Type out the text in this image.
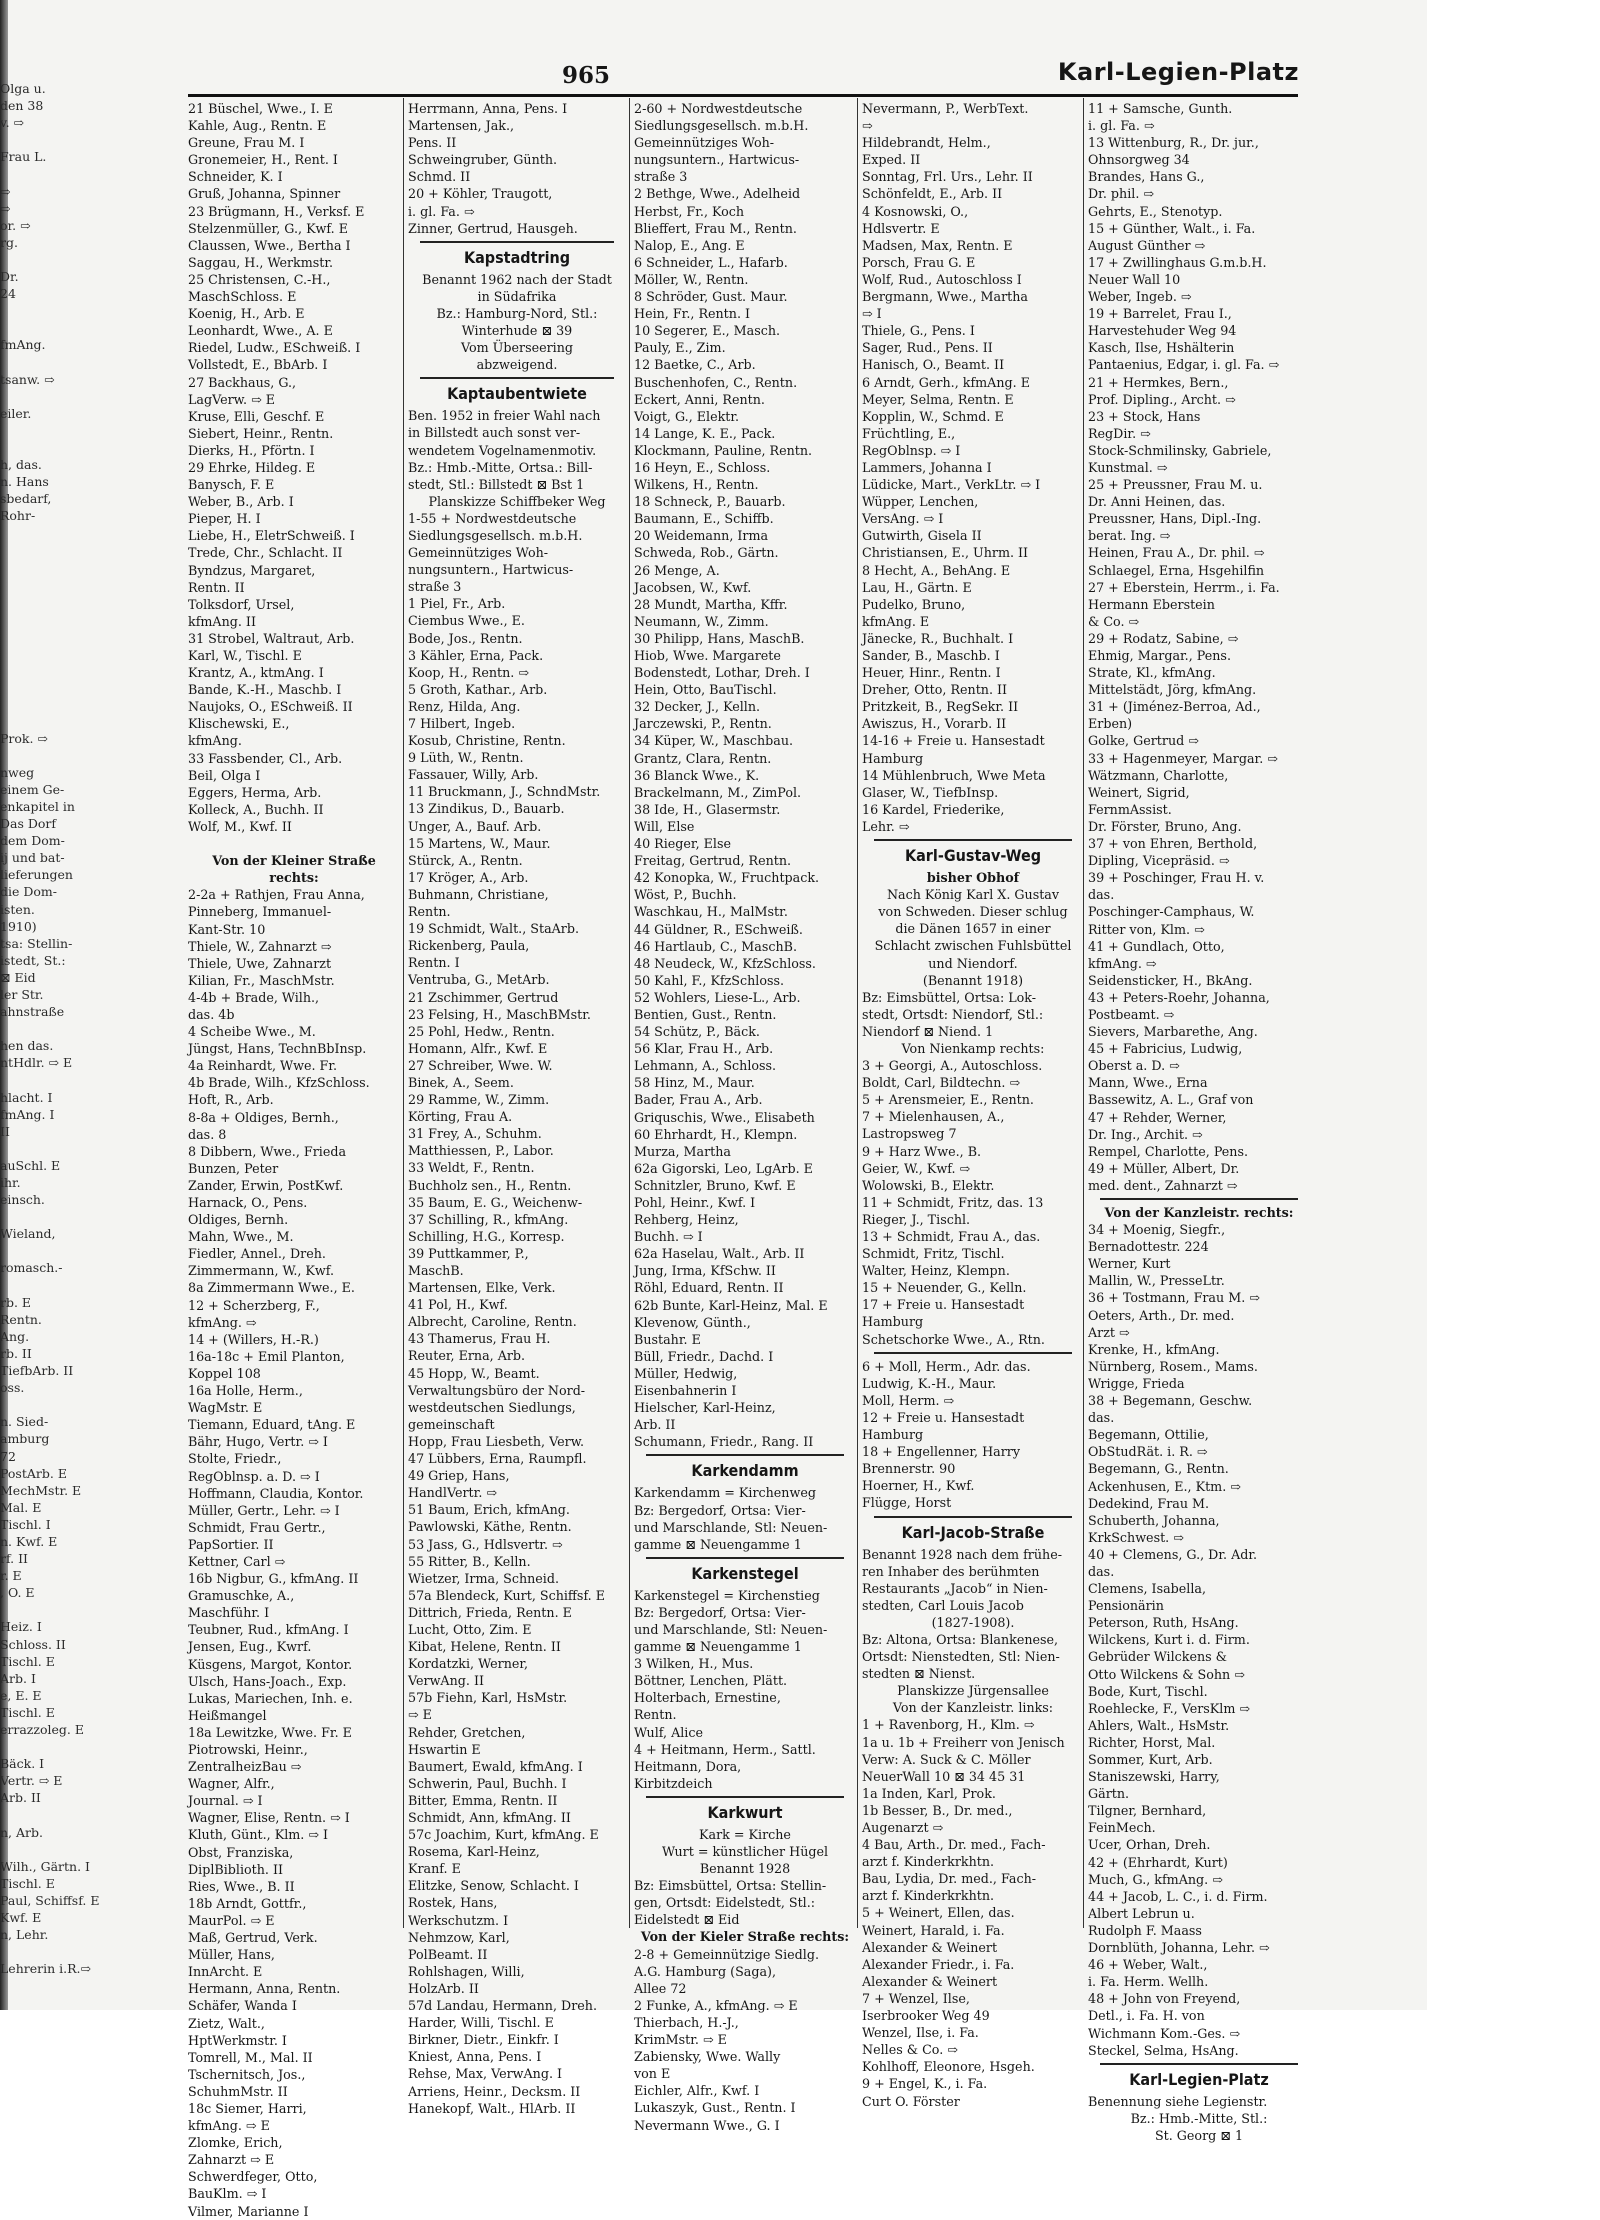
Olga u.
den 38
v. ⇨

Frau L.

⇨
⇨
or. ⇨
rg.

Dr.
24

fmAng.

tsanw. ⇨

eiler.

h, das.
n. Hans
sbedarf,
Rohr-

Prok. ⇨

nweg
einem Ge-
enkapitel in
Das Dorf
dem Dom-
ij und bat-
lieferungen
die Dom-
isten.
1910)
tsa: Stellin-
istedt, St.:
⊠ Eid
ler Str.
ahnstraße

hen das.
ntHdlr. ⇨ E

hlacht. I
fmAng. I
II

auSchl. E
ihr.
einsch.

Wieland,

romasch.-

rb. E
Rentn.
Ang.
rb. II
TiefbArb. II
oss.

n. Sied-
amburg
72
PostArb. E
MechMstr. E
Mal. E
Tischl. I
n. Kwf. E
rf. II
r. E
, O. E

Heiz. I
Schloss. II
Tischl. E
Arb. I
e, E. E
Tischl. E
errazzoleg. E

Bäck. I
Vertr. ⇨ E
Arb. II

n, Arb.

Wilh., Gärtn. I
Tischl. E
Paul, Schiffsf. E
Kwf. E
n, Lehr.

Lehrerin i.R.⇨
965	Karl-Legien-Platz
21 Büschel, Wwe., I. E
Kahle, Aug., Rentn. E
Greune, Frau M. I
Gronemeier, H., Rent. I
Schneider, K. I
Gruß, Johanna, Spinner
23 Brügmann, H., Verksf. E
Stelzenmüller, G., Kwf. E
Claussen, Wwe., Bertha I
Saggau, H., Werkmstr.
25 Christensen, C.-H.,
MaschSchloss. E
Koenig, H., Arb. E
Leonhardt, Wwe., A. E
Riedel, Ludw., ESchweiß. I
Vollstedt, E., BbArb. I
27 Backhaus, G.,
LagVerw. ⇨ E
Kruse, Elli, Geschf. E
Siebert, Heinr., Rentn.
Dierks, H., Pförtn. I
29 Ehrke, Hildeg. E
Banysch, F. E
Weber, B., Arb. I
Pieper, H. I
Liebe, H., EletrSchweiß. I
Trede, Chr., Schlacht. II
Byndzus, Margaret,
Rentn. II
Tolksdorf, Ursel,
kfmAng. II
31 Strobel, Waltraut, Arb.
Karl, W., Tischl. E
Krantz, A., ktmAng. I
Bande, K.-H., Maschb. I
Naujoks, O., ESchweiß. II
Klischewski, E.,
kfmAng.
33 Fassbender, Cl., Arb.
Beil, Olga I
Eggers, Herma, Arb.
Kolleck, A., Buchh. II
Wolf, M., Kwf. II

Von der Kleiner Straße
rechts:
2-2a + Rathjen, Frau Anna,
Pinneberg, Immanuel-
Kant-Str. 10
Thiele, W., Zahnarzt ⇨
Thiele, Uwe, Zahnarzt
Kilian, Fr., MaschMstr.
4-4b + Brade, Wilh.,
das. 4b
4 Scheibe Wwe., M.
Jüngst, Hans, TechnBbInsp.
4a Reinhardt, Wwe. Fr.
4b Brade, Wilh., KfzSchloss.
Hoft, R., Arb.
8-8a + Oldiges, Bernh.,
das. 8
8 Dibbern, Wwe., Frieda
Bunzen, Peter
Zander, Erwin, PostKwf.
Harnack, O., Pens.
Oldiges, Bernh.
Mahn, Wwe., M.
Fiedler, Annel., Dreh.
Zimmermann, W., Kwf.
8a Zimmermann Wwe., E.
12 + Scherzberg, F.,
kfmAng. ⇨
14 + (Willers, H.-R.)
16a-18c + Emil Planton,
Koppel 108
16a Holle, Herm.,
WagMstr. E
Tiemann, Eduard, tAng. E
Bähr, Hugo, Vertr. ⇨ I
Stolte, Friedr.,
RegOblnsp. a. D. ⇨ I
Hoffmann, Claudia, Kontor.
Müller, Gertr., Lehr. ⇨ I
Schmidt, Frau Gertr.,
PapSortier. II
Kettner, Carl ⇨
16b Nigbur, G., kfmAng. II
Gramuschke, A.,
Maschführ. I
Teubner, Rud., kfmAng. I
Jensen, Eug., Kwrf.
Küsgens, Margot, Kontor.
Ulsch, Hans-Joach., Exp.
Lukas, Mariechen, Inh. e.
Heißmangel
18a Lewitzke, Wwe. Fr. E
Piotrowski, Heinr.,
ZentralheizBau ⇨
Wagner, Alfr.,
Journal. ⇨ I
Wagner, Elise, Rentn. ⇨ I
Kluth, Günt., Klm. ⇨ I
Obst, Franziska,
DiplBiblioth. II
Ries, Wwe., B. II
18b Arndt, Gottfr.,
MaurPol. ⇨ E
Maß, Gertrud, Verk.
Müller, Hans,
InnArcht. E
Hermann, Anna, Rentn.
Schäfer, Wanda I
Zietz, Walt.,
HptWerkmstr. I
Tomrell, M., Mal. II
Tschernitsch, Jos.,
SchuhmMstr. II
18c Siemer, Harri,
kfmAng. ⇨ E
Zlomke, Erich,
Zahnarzt ⇨ E
Schwerdfeger, Otto,
BauKlm. ⇨ I
Vilmer, Marianne I
Herrmann, Anna, Pens. I
Martensen, Jak.,
Pens. II
Schweingruber, Günth.
Schmd. II
20 + Köhler, Traugott,
i. gl. Fa. ⇨
Zinner, Gertrud, Hausgeh.
Kapstadtring
Benannt 1962 nach der Stadt
in Südafrika
Bz.: Hamburg-Nord, Stl.:
Winterhude ⊠ 39
Vom Überseering
abzweigend.
Kaptaubentwiete
Ben. 1952 in freier Wahl nach
in Billstedt auch sonst ver-
wendetem Vogelnamenmotiv.
Bz.: Hmb.-Mitte, Ortsa.: Bill-
stedt, Stl.: Billstedt ⊠ Bst 1
Planskizze Schiffbeker Weg
1-55 + Nordwestdeutsche
Siedlungsgesellsch. m.b.H.
Gemeinnütziges Woh-
nungsuntern., Hartwicus-
straße 3
1 Piel, Fr., Arb.
Ciembus Wwe., E.
Bode, Jos., Rentn.
3 Kähler, Erna, Pack.
Koop, H., Rentn. ⇨
5 Groth, Kathar., Arb.
Renz, Hilda, Ang.
7 Hilbert, Ingeb.
Kosub, Christine, Rentn.
9 Lüth, W., Rentn.
Fassauer, Willy, Arb.
11 Bruckmann, J., SchndMstr.
13 Zindikus, D., Bauarb.
Unger, A., Bauf. Arb.
15 Martens, W., Maur.
Stürck, A., Rentn.
17 Kröger, A., Arb.
Buhmann, Christiane,
Rentn.
19 Schmidt, Walt., StaArb.
Rickenberg, Paula,
Rentn. I
Ventruba, G., MetArb.
21 Zschimmer, Gertrud
23 Felsing, H., MaschBMstr.
25 Pohl, Hedw., Rentn.
Homann, Alfr., Kwf. E
27 Schreiber, Wwe. W.
Binek, A., Seem.
29 Ramme, W., Zimm.
Körting, Frau A.
31 Frey, A., Schuhm.
Matthiessen, P., Labor.
33 Weldt, F., Rentn.
Buchholz sen., H., Rentn.
35 Baum, E. G., Weichenw-
37 Schilling, R., kfmAng.
Schilling, H.G., Korresp.
39 Puttkammer, P.,
MaschB.
Martensen, Elke, Verk.
41 Pol, H., Kwf.
Albrecht, Caroline, Rentn.
43 Thamerus, Frau H.
Reuter, Erna, Arb.
45 Hopp, W., Beamt.
Verwaltungsbüro der Nord-
westdeutschen Siedlungs,
gemeinschaft
Hopp, Frau Liesbeth, Verw.
47 Lübbers, Erna, Raumpfl.
49 Griep, Hans,
HandlVertr. ⇨
51 Baum, Erich, kfmAng.
Pawlowski, Käthe, Rentn.
53 Jass, G., Hdlsvertr. ⇨
55 Ritter, B., Kelln.
Wietzer, Irma, Schneid.
57a Blendeck, Kurt, Schiffsf. E
Dittrich, Frieda, Rentn. E
Lucht, Otto, Zim. E
Kibat, Helene, Rentn. II
Kordatzki, Werner,
VerwAng. II
57b Fiehn, Karl, HsMstr.
⇨ E
Rehder, Gretchen,
Hswartin E
Baumert, Ewald, kfmAng. I
Schwerin, Paul, Buchh. I
Bitter, Emma, Rentn. II
Schmidt, Ann, kfmAng. II
57c Joachim, Kurt, kfmAng. E
Rosema, Karl-Heinz,
Kranf. E
Elitzke, Senow, Schlacht. I
Rostek, Hans,
Werkschutzm. I
Nehmzow, Karl,
PolBeamt. II
Rohlshagen, Willi,
HolzArb. II
57d Landau, Hermann, Dreh.
Harder, Willi, Tischl. E
Birkner, Dietr., Einkfr. I
Kniest, Anna, Pens. I
Rehse, Max, VerwAng. I
Arriens, Heinr., Decksm. II
Hanekopf, Walt., HlArb. II
2-60 + Nordwestdeutsche
Siedlungsgesellsch. m.b.H.
Gemeinnütziges Woh-
nungsuntern., Hartwicus-
straße 3
2 Bethge, Wwe., Adelheid
Herbst, Fr., Koch
Blieffert, Frau M., Rentn.
Nalop, E., Ang. E
6 Schneider, L., Hafarb.
Möller, W., Rentn.
8 Schröder, Gust. Maur.
Hein, Fr., Rentn. I
10 Segerer, E., Masch.
Pauly, E., Zim.
12 Baetke, C., Arb.
Buschenhofen, C., Rentn.
Eckert, Anni, Rentn.
Voigt, G., Elektr.
14 Lange, K. E., Pack.
Klockmann, Pauline, Rentn.
16 Heyn, E., Schloss.
Wilkens, H., Rentn.
18 Schneck, P., Bauarb.
Baumann, E., Schiffb.
20 Weidemann, Irma
Schweda, Rob., Gärtn.
26 Menge, A.
Jacobsen, W., Kwf.
28 Mundt, Martha, Kffr.
Neumann, W., Zimm.
30 Philipp, Hans, MaschB.
Hiob, Wwe. Margarete
Bodenstedt, Lothar, Dreh. I
Hein, Otto, BauTischl.
32 Decker, J., Kelln.
Jarczewski, P., Rentn.
34 Küper, W., Maschbau.
Grantz, Clara, Rentn.
36 Blanck Wwe., K.
Brackelmann, M., ZimPol.
38 Ide, H., Glasermstr.
Will, Else
40 Rieger, Else
Freitag, Gertrud, Rentn.
42 Konopka, W., Fruchtpack.
Wöst, P., Buchh.
Waschkau, H., MalMstr.
44 Güldner, R., ESchweiß.
46 Hartlaub, C., MaschB.
48 Neudeck, W., KfzSchloss.
50 Kahl, F., KfzSchloss.
52 Wohlers, Liese-L., Arb.
Bentien, Gust., Rentn.
54 Schütz, P., Bäck.
56 Klar, Frau H., Arb.
Lehmann, A., Schloss.
58 Hinz, M., Maur.
Bader, Frau A., Arb.
Griquschis, Wwe., Elisabeth
60 Ehrhardt, H., Klempn.
Murza, Martha
62a Gigorski, Leo, LgArb. E
Schnitzler, Bruno, Kwf. E
Pohl, Heinr., Kwf. I
Rehberg, Heinz,
Buchh. ⇨ I
62a Haselau, Walt., Arb. II
Jung, Irma, KfSchw. II
Röhl, Eduard, Rentn. II
62b Bunte, Karl-Heinz, Mal. E
Klevenow, Günth.,
Bustahr. E
Büll, Friedr., Dachd. I
Müller, Hedwig,
Eisenbahnerin I
Hielscher, Karl-Heinz,
Arb. II
Schumann, Friedr., Rang. II
Karkendamm
Karkendamm = Kirchenweg
Bz: Bergedorf, Ortsa: Vier-
und Marschlande, Stl: Neuen-
gamme ⊠ Neuengamme 1
Karkenstegel
Karkenstegel = Kirchenstieg
Bz: Bergedorf, Ortsa: Vier-
und Marschlande, Stl: Neuen-
gamme ⊠ Neuengamme 1
3 Wilken, H., Mus.
Böttner, Lenchen, Plätt.
Holterbach, Ernestine,
Rentn.
Wulf, Alice
4 + Heitmann, Herm., Sattl.
Heitmann, Dora,
Kirbitzdeich
Karkwurt
Kark = Kirche
Wurt = künstlicher Hügel
Benannt 1928
Bz: Eimsbüttel, Ortsa: Stellin-
gen, Ortsdt: Eidelstedt, Stl.:
Eidelstedt ⊠ Eid
Von der Kieler Straße rechts:
2-8 + Gemeinnützige Siedlg.
A.G. Hamburg (Saga),
Allee 72
2 Funke, A., kfmAng. ⇨ E
Thierbach, H.-J.,
KrimMstr. ⇨ E
Zabiensky, Wwe. Wally
von E
Eichler, Alfr., Kwf. I
Lukaszyk, Gust., Rentn. I
Nevermann Wwe., G. I
Nevermann, P., WerbText.
⇨
Hildebrandt, Helm.,
Exped. II
Sonntag, Frl. Urs., Lehr. II
Schönfeldt, E., Arb. II
4 Kosnowski, O.,
Hdlsvertr. E
Madsen, Max, Rentn. E
Porsch, Frau G. E
Wolf, Rud., Autoschloss I
Bergmann, Wwe., Martha
⇨ I
Thiele, G., Pens. I
Sager, Rud., Pens. II
Hanisch, O., Beamt. II
6 Arndt, Gerh., kfmAng. E
Meyer, Selma, Rentn. E
Kopplin, W., Schmd. E
Früchtling, E.,
RegOblnsp. ⇨ I
Lammers, Johanna I
Lüdicke, Mart., VerkLtr. ⇨ I
Wüpper, Lenchen,
VersAng. ⇨ I
Gutwirth, Gisela II
Christiansen, E., Uhrm. II
8 Hecht, A., BehAng. E
Lau, H., Gärtn. E
Pudelko, Bruno,
kfmAng. E
Jänecke, R., Buchhalt. I
Sander, B., Maschb. I
Heuer, Hinr., Rentn. I
Dreher, Otto, Rentn. II
Pritzkeit, B., RegSekr. II
Awiszus, H., Vorarb. II
14-16 + Freie u. Hansestadt
Hamburg
14 Mühlenbruch, Wwe Meta
Glaser, W., TiefbInsp.
16 Kardel, Friederike,
Lehr. ⇨
Karl-Gustav-Weg
bisher Obhof
Nach König Karl X. Gustav
von Schweden. Dieser schlug
die Dänen 1657 in einer
Schlacht zwischen Fuhlsbüttel
und Niendorf.
(Benannt 1918)
Bz: Eimsbüttel, Ortsa: Lok-
stedt, Ortsdt: Niendorf, Stl.:
Niendorf ⊠ Niend. 1
Von Nienkamp rechts:
3 + Georgi, A., Autoschloss.
Boldt, Carl, Bildtechn. ⇨
5 + Arensmeier, E., Rentn.
7 + Mielenhausen, A.,
Lastropsweg 7
9 + Harz Wwe., B.
Geier, W., Kwf. ⇨
Wolowski, B., Elektr.
11 + Schmidt, Fritz, das. 13
Rieger, J., Tischl.
13 + Schmidt, Frau A., das.
Schmidt, Fritz, Tischl.
Walter, Heinz, Klempn.
15 + Neuender, G., Kelln.
17 + Freie u. Hansestadt
Hamburg
Schetschorke Wwe., A., Rtn.
6 + Moll, Herm., Adr. das.
Ludwig, K.-H., Maur.
Moll, Herm. ⇨
12 + Freie u. Hansestadt
Hamburg
18 + Engellenner, Harry
Brennerstr. 90
Hoerner, H., Kwf.
Flügge, Horst
Karl-Jacob-Straße
Benannt 1928 nach dem frühe-
ren Inhaber des berühmten
Restaurants „Jacob“ in Nien-
stedten, Carl Louis Jacob
(1827-1908).
Bz: Altona, Ortsa: Blankenese,
Ortsdt: Nienstedten, Stl: Nien-
stedten ⊠ Nienst.
Planskizze Jürgensallee
Von der Kanzleistr. links:
1 + Ravenborg, H., Klm. ⇨
1a u. 1b + Freiherr von Jenisch
Verw: A. Suck & C. Möller
NeuerWall 10 ⊠ 34 45 31
1a Inden, Karl, Prok.
1b Besser, B., Dr. med.,
Augenarzt ⇨
4 Bau, Arth., Dr. med., Fach-
arzt f. Kinderkrkhtn.
Bau, Lydia, Dr. med., Fach-
arzt f. Kinderkrkhtn.
5 + Weinert, Ellen, das.
Weinert, Harald, i. Fa.
Alexander & Weinert
Alexander Friedr., i. Fa.
Alexander & Weinert
7 + Wenzel, Ilse,
Iserbrooker Weg 49
Wenzel, Ilse, i. Fa.
Nelles & Co. ⇨
Kohlhoff, Eleonore, Hsgeh.
9 + Engel, K., i. Fa.
Curt O. Förster
11 + Samsche, Gunth.
i. gl. Fa. ⇨
13 Wittenburg, R., Dr. jur.,
Ohnsorgweg 34
Brandes, Hans G.,
Dr. phil. ⇨
Gehrts, E., Stenotyp.
15 + Günther, Walt., i. Fa.
August Günther ⇨
17 + Zwillinghaus G.m.b.H.
Neuer Wall 10
Weber, Ingeb. ⇨
19 + Barrelet, Frau I.,
Harvestehuder Weg 94
Kasch, Ilse, Hshälterin
Pantaenius, Edgar, i. gl. Fa. ⇨
21 + Hermkes, Bern.,
Prof. Dipling., Archt. ⇨
23 + Stock, Hans
RegDir. ⇨
Stock-Schmilinsky, Gabriele,
Kunstmal. ⇨
25 + Preussner, Frau M. u.
Dr. Anni Heinen, das.
Preussner, Hans, Dipl.-Ing.
berat. Ing. ⇨
Heinen, Frau A., Dr. phil. ⇨
Schlaegel, Erna, Hsgehilfin
27 + Eberstein, Herrm., i. Fa.
Hermann Eberstein
& Co. ⇨
29 + Rodatz, Sabine, ⇨
Ehmig, Margar., Pens.
Strate, Kl., kfmAng.
Mittelstädt, Jörg, kfmAng.
31 + (Jiménez-Berroa, Ad.,
Erben)
Golke, Gertrud ⇨
33 + Hagenmeyer, Margar. ⇨
Wätzmann, Charlotte,
Weinert, Sigrid,
FernmAssist.
Dr. Förster, Bruno, Ang.
37 + von Ehren, Berthold,
Dipling, Vicepräsid. ⇨
39 + Poschinger, Frau H. v.
das.
Poschinger-Camphaus, W.
Ritter von, Klm. ⇨
41 + Gundlach, Otto,
kfmAng. ⇨
Seidensticker, H., BkAng.
43 + Peters-Roehr, Johanna,
Postbeamt. ⇨
Sievers, Marbarethe, Ang.
45 + Fabricius, Ludwig,
Oberst a. D. ⇨
Mann, Wwe., Erna
Bassewitz, A. L., Graf von
47 + Rehder, Werner,
Dr. Ing., Archit. ⇨
Rempel, Charlotte, Pens.
49 + Müller, Albert, Dr.
med. dent., Zahnarzt ⇨
Von der Kanzleistr. rechts:
34 + Moenig, Siegfr.,
Bernadottestr. 224
Werner, Kurt
Mallin, W., PresseLtr.
36 + Tostmann, Frau M. ⇨
Oeters, Arth., Dr. med.
Arzt ⇨
Krenke, H., kfmAng.
Nürnberg, Rosem., Mams.
Wrigge, Frieda
38 + Begemann, Geschw.
das.
Begemann, Ottilie,
ObStudRät. i. R. ⇨
Begemann, G., Rentn.
Ackenhusen, E., Ktm. ⇨
Dedekind, Frau M.
Schuberth, Johanna,
KrkSchwest. ⇨
40 + Clemens, G., Dr. Adr.
das.
Clemens, Isabella,
Pensionärin
Peterson, Ruth, HsAng.
Wilckens, Kurt i. d. Firm.
Gebrüder Wilckens &
Otto Wilckens & Sohn ⇨
Bode, Kurt, Tischl.
Roehlecke, F., VersKlm ⇨
Ahlers, Walt., HsMstr.
Richter, Horst, Mal.
Sommer, Kurt, Arb.
Staniszewski, Harry,
Gärtn.
Tilgner, Bernhard,
FeinMech.
Ucer, Orhan, Dreh.
42 + (Ehrhardt, Kurt)
Much, G., kfmAng. ⇨
44 + Jacob, L. C., i. d. Firm.
Albert Lebrun u.
Rudolph F. Maass
Dornblüth, Johanna, Lehr. ⇨
46 + Weber, Walt.,
i. Fa. Herm. Wellh.
48 + John von Freyend,
Detl., i. Fa. H. von
Wichmann Kom.-Ges. ⇨
Steckel, Selma, HsAng.
Karl-Legien-Platz
Benennung siehe Legienstr.
Bz.: Hmb.-Mitte, Stl.:
St. Georg ⊠ 1
